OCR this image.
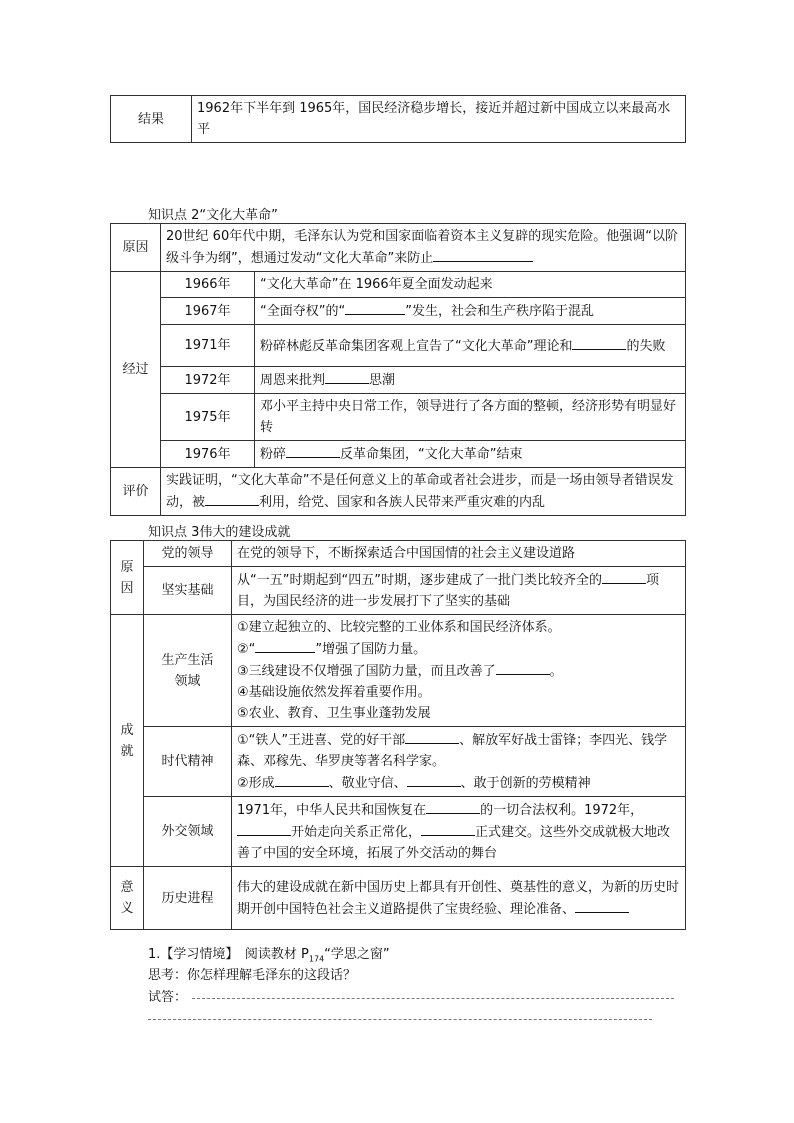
结果	1962年下半年到 1965年，国民经济稳步增长，接近并超过新中国成立以来最高水平
知识点 2“文化大革命”
原因	20世纪 60年代中期，毛泽东认为党和国家面临着资本主义复辟的现实危险。他强调“以阶级斗争为纲”，想通过发动“文化大革命”来防止	
经过	1966年	“文化大革命”在 1966年夏全面发动起来
	1967年	“全面夺权”的“ ”发生，社会和生产秩序陷于混乱
	1971年	粉碎林彪反革命集团客观上宣告了“文化大革命”理论和 的失败
	1972年	周恩来批判 思潮
	1975年	邓小平主持中央日常工作，领导进行了各方面的整顿，经济形势有明显好转
	1976年	粉碎 反革命集团，“文化大革命”结束
评价	实践证明，“文化大革命”不是任何意义上的革命或者社会进步，而是一场由领导者错误发动，被 利用，给党、国家和各族人民带来严重灾难的内乱	
知识点 3伟大的建设成就
原因	党的领导	在党的领导下，不断探索适合中国国情的社会主义建设道路
	坚实基础	从“一五”时期起到“四五”时期，逐步建成了一批门类比较齐全的 项目，为国民经济的进一步发展打下了坚实的基础
成就	生产生活领域	①建立起独立的、比较完整的工业体系和国民经济体系。
②“ ”增强了国防力量。
③三线建设不仅增强了国防力量，而且改善了 。
④基础设施依然发挥着重要作用。
⑤农业、教育、卫生事业蓬勃发展

	时代精神	①“铁人”王进喜、党的好干部 、解放军好战士雷锋；李四光、钱学森、邓稼先、华罗庚等著名科学家。
②形成 、敬业守信、 、敢于创新的劳模精神

	外交领域	1971年，中华人民共和国恢复在 的一切合法权利。1972年，开始走向关系正常化， 正式建交。这些外交成就极大地改善了中国的安全环境，拓展了外交活动的舞台
意义	历史进程	伟大的建设成就在新中国历史上都具有开创性、奠基性的意义，为新的历史时期开创中国特色社会主义道路提供了宝贵经验、理论准备、
1.【学习情境】　阅读教材 $P_{174}“$学思之窗”
思考：你怎样理解毛泽东的这段话？
试答：
